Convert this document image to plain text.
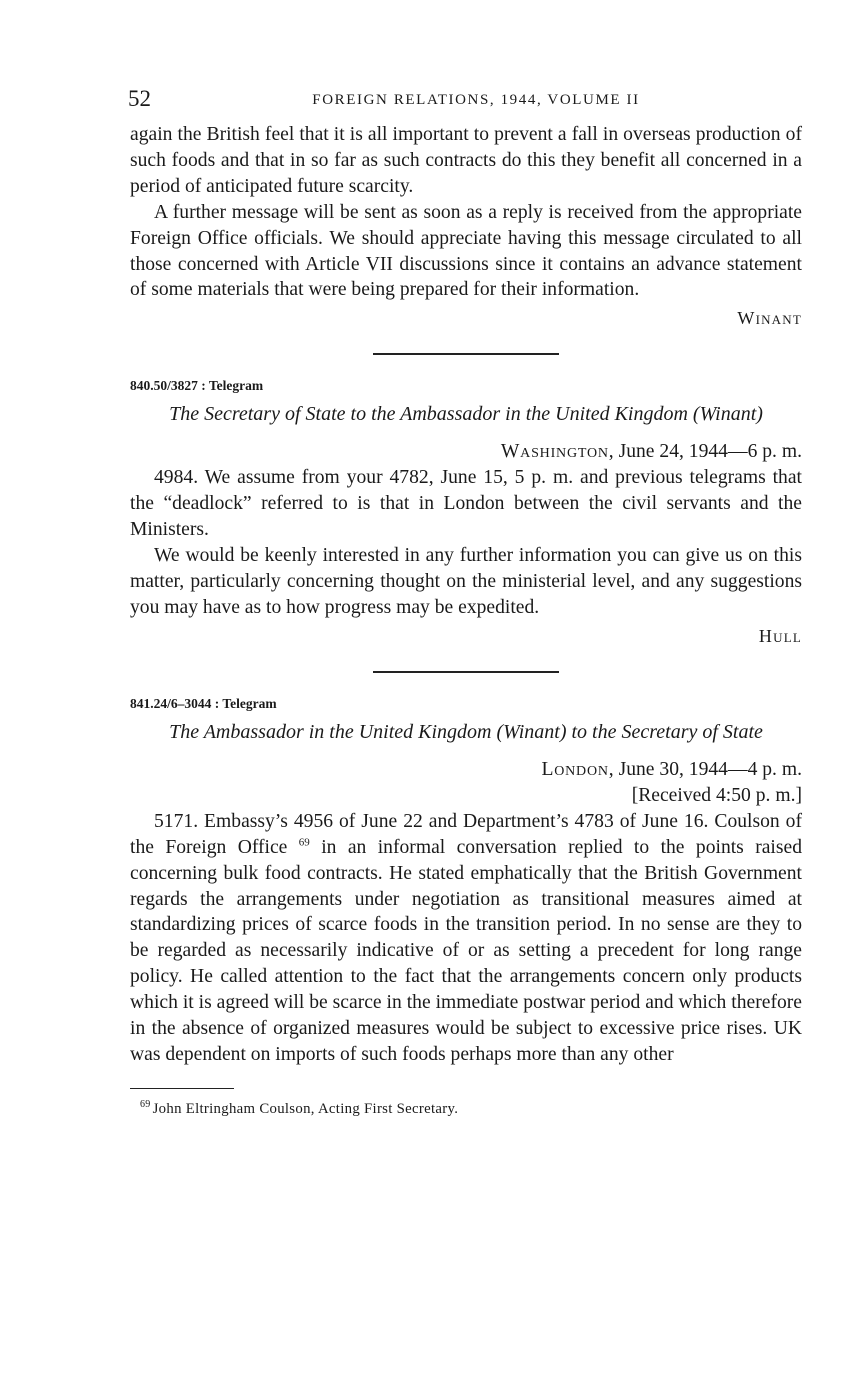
52	FOREIGN RELATIONS, 1944, VOLUME II

again the British feel that it is all important to prevent a fall in overseas production of such foods and that in so far as such contracts do this they benefit all concerned in a period of anticipated future scarcity.

A further message will be sent as soon as a reply is received from the appropriate Foreign Office officials. We should appreciate having this message circulated to all those concerned with Article VII discussions since it contains an advance statement of some materials that were being prepared for their information.

Winant
840.50/3827 : Telegram
The Secretary of State to the Ambassador in the United Kingdom (Winant)
Washington, June 24, 1944—6 p. m.

4984. We assume from your 4782, June 15, 5 p. m. and previous telegrams that the “deadlock” referred to is that in London between the civil servants and the Ministers.

We would be keenly interested in any further information you can give us on this matter, particularly concerning thought on the ministerial level, and any suggestions you may have as to how progress may be expedited.

Hull
841.24/6–3044 : Telegram
The Ambassador in the United Kingdom (Winant) to the Secretary of State
London, June 30, 1944—4 p. m.
[Received 4:50 p. m.]

5171. Embassy’s 4956 of June 22 and Department’s 4783 of June 16. Coulson of the Foreign Office $^{69}$ in an informal conversation replied to the points raised concerning bulk food contracts. He stated emphatically that the British Government regards the arrangements under negotiation as transitional measures aimed at standardizing prices of scarce foods in the transition period. In no sense are they to be regarded as necessarily indicative of or as setting a precedent for long range policy. He called attention to the fact that the arrangements concern only products which it is agreed will be scarce in the immediate postwar period and which therefore in the absence of organized measures would be subject to excessive price rises. UK was dependent on imports of such foods perhaps more than any other

$^{69}$ John Eltringham Coulson, Acting First Secretary.
